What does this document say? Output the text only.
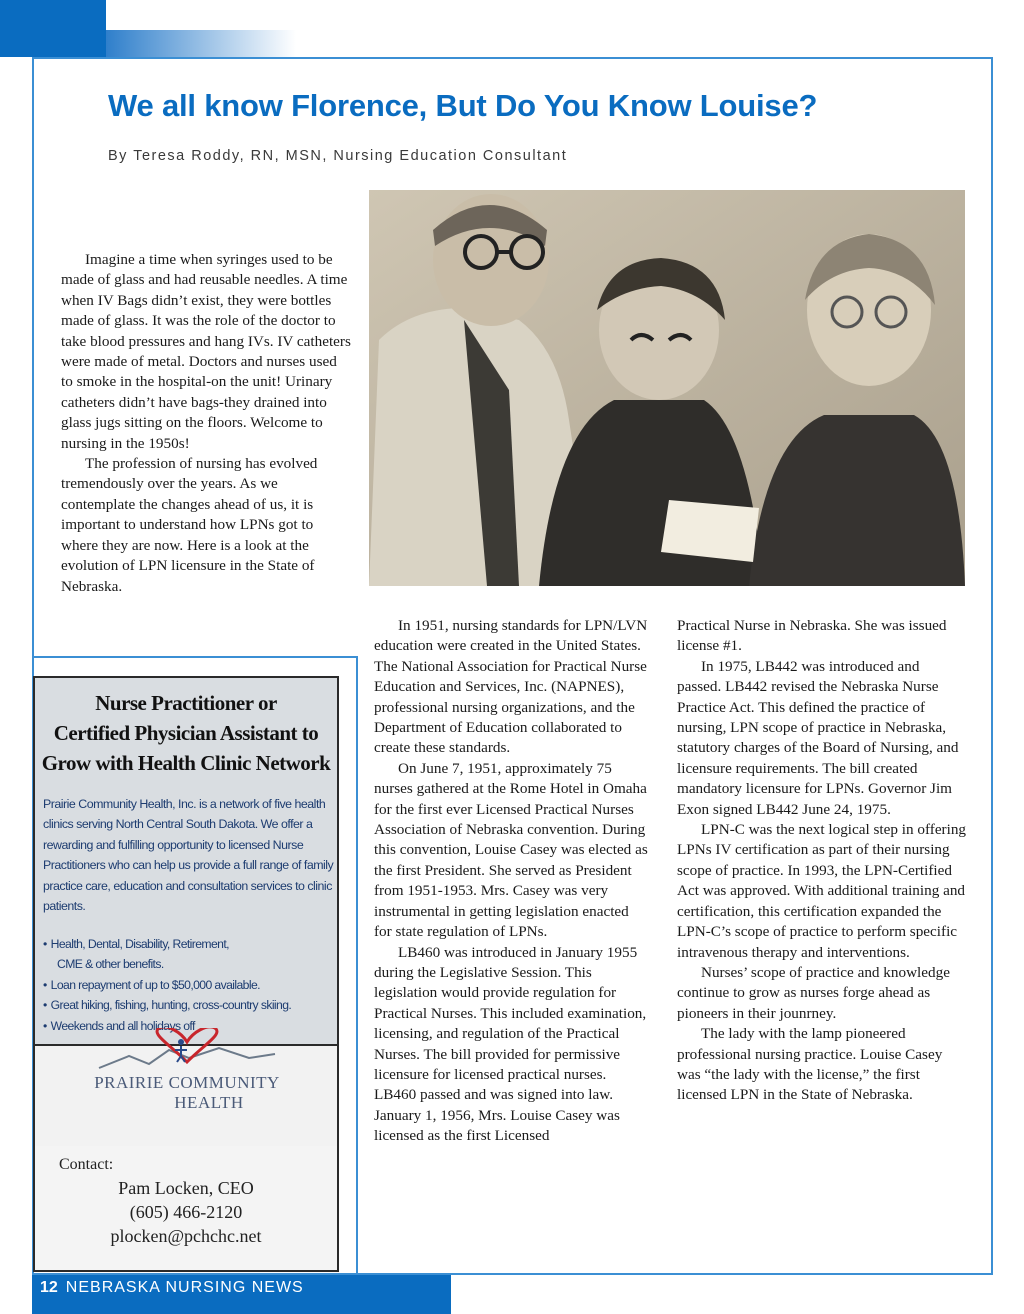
We all know Florence, But Do You Know Louise?

By Teresa Roddy, RN, MSN, Nursing Education Consultant

Imagine a time when syringes used to be made of glass and had reusable needles. A time when IV Bags didn’t exist, they were bottles made of glass. It was the role of the doctor to take blood pressures and hang IVs. IV catheters were made of metal. Doctors and nurses used to smoke in the hospital-on the unit! Urinary catheters didn’t have bags-they drained into glass jugs sitting on the floors. Welcome to nursing in the 1950s!

The profession of nursing has evolved tremendously over the years. As we contemplate the changes ahead of us, it is important to understand how LPNs got to where they are now. Here is a look at the evolution of LPN licensure in the State of Nebraska.

In 1951, nursing standards for LPN/LVN education were created in the United States. The National Association for Practical Nurse Education and Services, Inc. (NAPNES), professional nursing organizations, and the Department of Education collaborated to create these standards.

On June 7, 1951, approximately 75 nurses gathered at the Rome Hotel in Omaha for the first ever Licensed Practical Nurses Association of Nebraska convention. During this convention, Louise Casey was elected as the first President. She served as President from 1951-1953. Mrs. Casey was very instrumental in getting legislation enacted for state regulation of LPNs.

LB460 was introduced in January 1955 during the Legislative Session. This legislation would provide regulation for Practical Nurses. This included examination, licensing, and regulation of the Practical Nurses. The bill provided for permissive licensure for licensed practical nurses. LB460 passed and was signed into law. January 1, 1956, Mrs. Louise Casey was licensed as the first Licensed

Practical Nurse in Nebraska. She was issued license #1.

In 1975, LB442 was introduced and passed. LB442 revised the Nebraska Nurse Practice Act. This defined the practice of nursing, LPN scope of practice in Nebraska, statutory charges of the Board of Nursing, and licensure requirements. The bill created mandatory licensure for LPNs. Governor Jim Exon signed LB442 June 24, 1975.

LPN-C was the next logical step in offering LPNs IV certification as part of their nursing scope of practice. In 1993, the LPN-Certified Act was approved. With additional training and certification, this certification expanded the LPN-C’s scope of practice to perform specific intravenous therapy and interventions.

Nurses’ scope of practice and knowledge continue to grow as nurses forge ahead as pioneers in their jounrney.

The lady with the lamp pioneered professional nursing practice. Louise Casey was “the lady with the license,” the first licensed LPN in the State of Nebraska.

Nurse Practitioner or
Certified Physician Assistant to
Grow with Health Clinic Network

Prairie Community Health, Inc. is a network of five health clinics serving North Central South Dakota. We offer a rewarding and fulfilling opportunity to licensed Nurse Practitioners who can help us provide a full range of family practice care, education and consultation services to clinic patients.

• Health, Dental, Disability, Retirement,
CME & other benefits.
• Loan repayment of up to $50,000 available.
• Great hiking, fishing, hunting, cross-country skiing.
• Weekends and all holidays off
PRAIRIE COMMUNITY
HEALTH

Contact:

Pam Locken, CEO

(605) 466-2120

plocken@pchchc.net

12 NEBRASKA NURSING NEWS
